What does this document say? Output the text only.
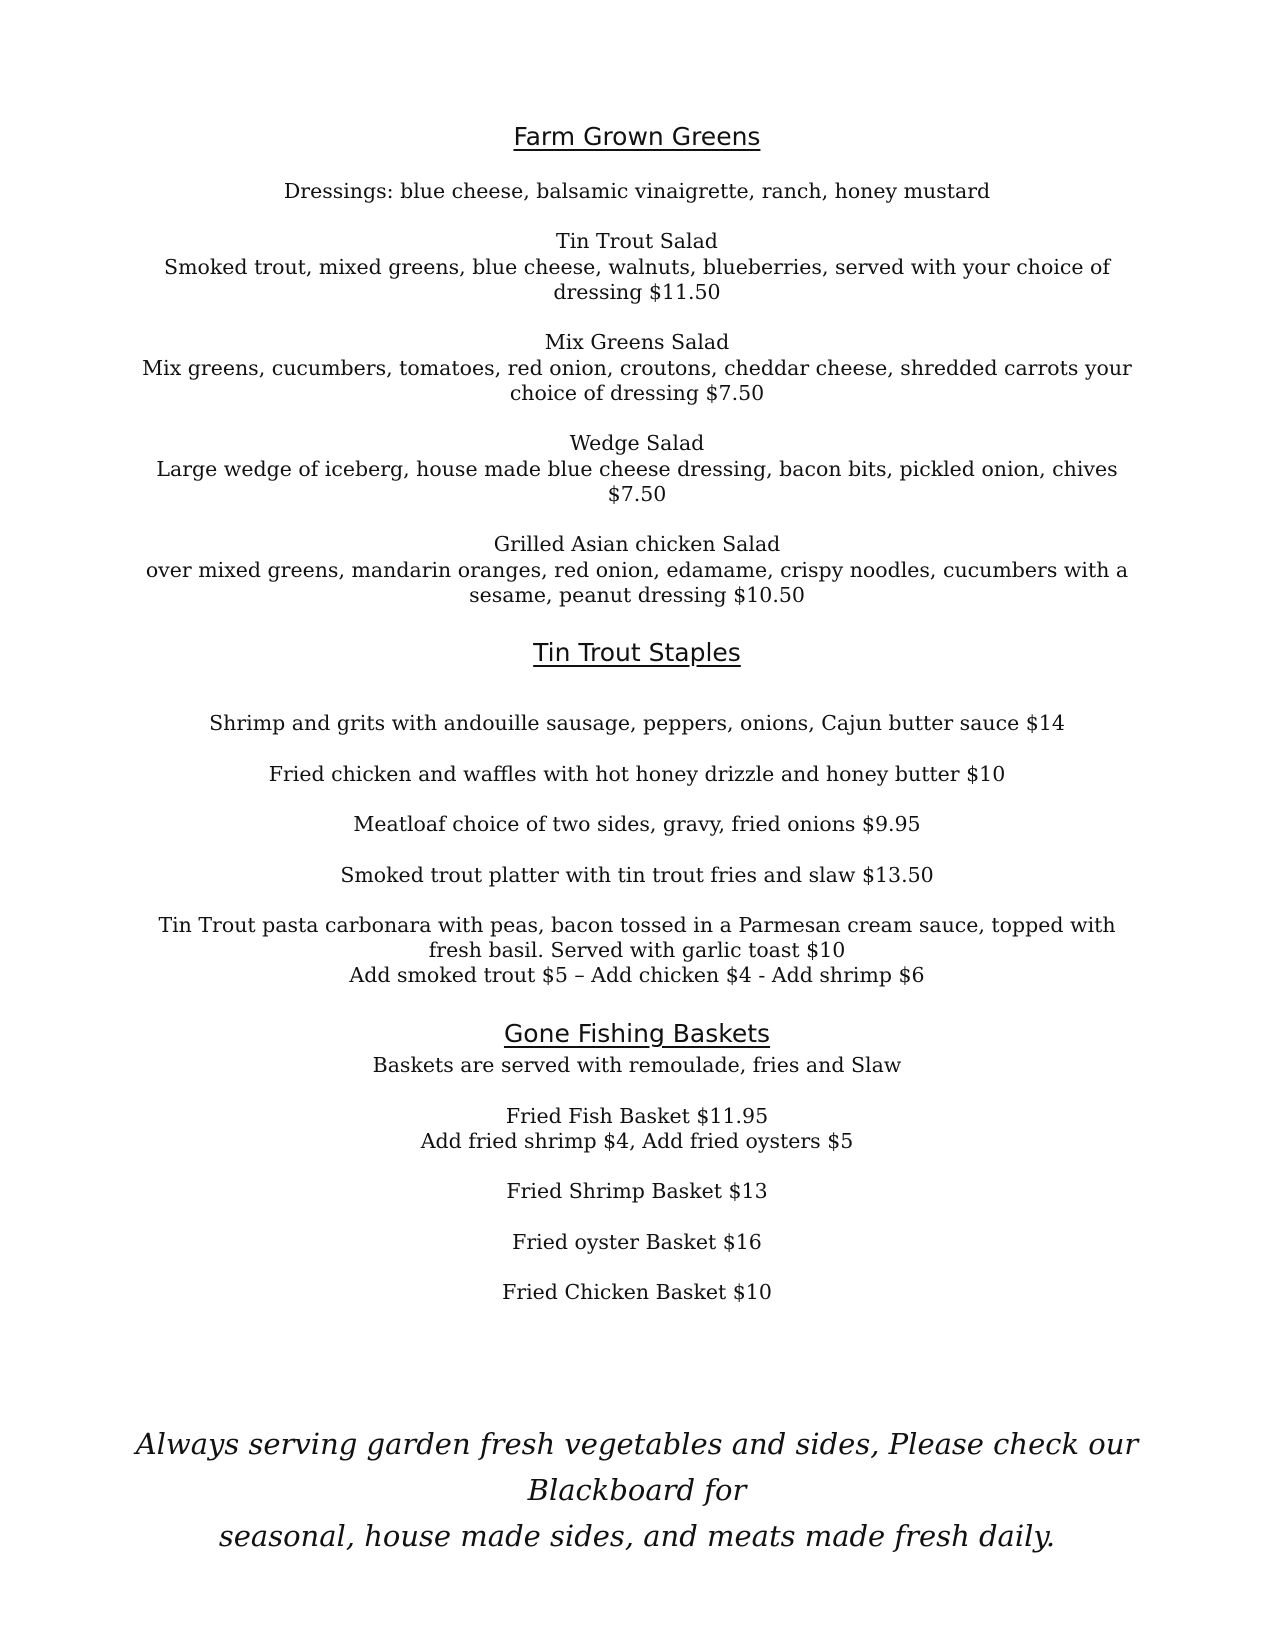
Farm Grown Greens

Dressings: blue cheese, balsamic vinaigrette, ranch, honey mustard

Tin Trout Salad

Smoked trout, mixed greens, blue cheese, walnuts, blueberries, served with your choice of

dressing $11.50

Mix Greens Salad

Mix greens, cucumbers, tomatoes, red onion, croutons, cheddar cheese, shredded carrots your

choice of dressing $7.50

Wedge Salad

Large wedge of iceberg, house made blue cheese dressing, bacon bits, pickled onion, chives

$7.50

Grilled Asian chicken Salad

over mixed greens, mandarin oranges, red onion, edamame, crispy noodles, cucumbers with a

sesame, peanut dressing $10.50

Tin Trout Staples

Shrimp and grits with andouille sausage, peppers, onions, Cajun butter sauce $14

Fried chicken and waffles with hot honey drizzle and honey butter $10

Meatloaf choice of two sides, gravy, fried onions $9.95

Smoked trout platter with tin trout fries and slaw $13.50

Tin Trout pasta carbonara with peas, bacon tossed in a Parmesan cream sauce, topped with

fresh basil. Served with garlic toast $10

Add smoked trout $5 – Add chicken $4 - Add shrimp $6

Gone Fishing Baskets

Baskets are served with remoulade, fries and Slaw

Fried Fish Basket $11.95

Add fried shrimp $4, Add fried oysters $5

Fried Shrimp Basket $13

Fried oyster Basket $16

Fried Chicken Basket $10

Always serving garden fresh vegetables and sides, Please check our Blackboard for
seasonal, house made sides, and meats made fresh daily.
